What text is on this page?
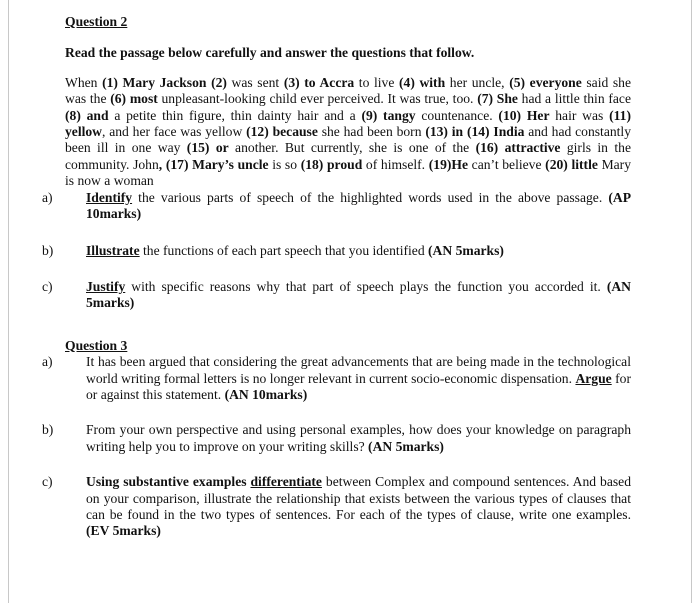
Question 2

Read the passage below carefully and answer the questions that follow.

When (1) Mary Jackson (2) was sent (3) to Accra to live (4) with her uncle, (5) everyone said she was the (6) most unpleasant-looking child ever perceived. It was true, too. (7) She had a little thin face (8) and a petite thin figure, thin dainty hair and a (9) tangy countenance. (10) Her hair was (11) yellow, and her face was yellow (12) because she had been born (13) in (14) India and had constantly been ill in one way (15) or another. But currently, she is one of the (16) attractive girls in the community. John, (17) Mary’s uncle is so (18) proud of himself. (19)He can’t believe (20) little Mary is now a woman

a) Identify the various parts of speech of the highlighted words used in the above passage. (AP 10marks)
b) Illustrate the functions of each part speech that you identified (AN 5marks)
c) Justify with specific reasons why that part of speech plays the function you accorded it. (AN 5marks)

Question 3

a) It has been argued that considering the great advancements that are being made in the technological world writing formal letters is no longer relevant in current socio-economic dispensation. Argue for or against this statement. (AN 10marks)
b) From your own perspective and using personal examples, how does your knowledge on paragraph writing help you to improve on your writing skills? (AN 5marks)
c) Using substantive examples differentiate between Complex and compound sentences. And based on your comparison, illustrate the relationship that exists between the various types of clauses that can be found in the two types of sentences. For each of the types of clause, write one examples. (EV 5marks)
